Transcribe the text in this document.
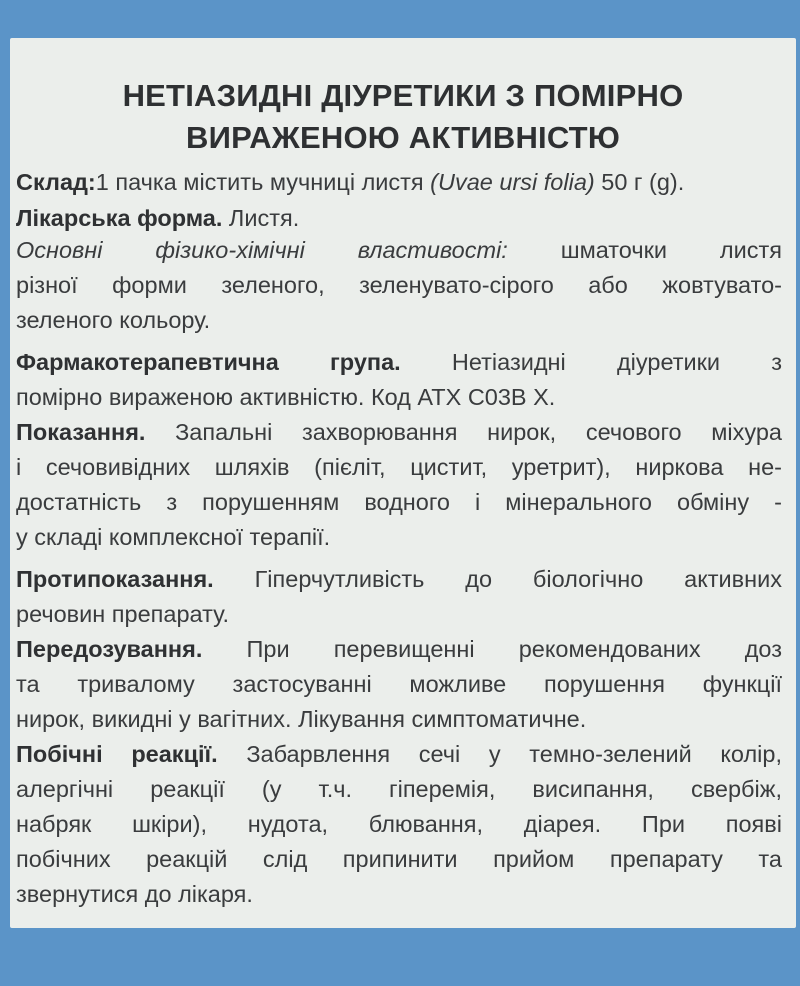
НЕТІАЗИДНІ ДІУРЕТИКИ З ПОМІРНО
ВИРАЖЕНОЮ АКТИВНІСТЮ
Склад:1 пачка містить мучниці листя (Uvae ursi folia) 50 г (g).
Лікарська форма. Листя.
Основні фізико-хімічні властивості: шматочки листя
різної форми зеленого, зеленувато-сірого або жовтувато-
зеленого кольору.
Фармакотерапевтична група. Нетіазидні діуретики з
помірно вираженою активністю. Код АТХ С03В Х.
Показання. Запальні захворювання нирок, сечового міхура
і сечовивідних шляхів (пієліт, цистит, уретрит), ниркова не-
достатність з порушенням водного і мінерального обміну -
у складі комплексної терапії.
Протипоказання. Гіперчутливість до біологічно активних
речовин препарату.
Передозування. При перевищенні рекомендованих доз
та тривалому застосуванні можливе порушення функції
нирок, викидні у вагітних. Лікування симптоматичне.
Побічні реакції. Забарвлення сечі у темно-зелений колір,
алергічні реакції (у т.ч. гіперемія, висипання, свербіж,
набряк шкіри), нудота, блювання, діарея. При появі
побічних реакцій слід припинити прийом препарату та
звернутися до лікаря.
